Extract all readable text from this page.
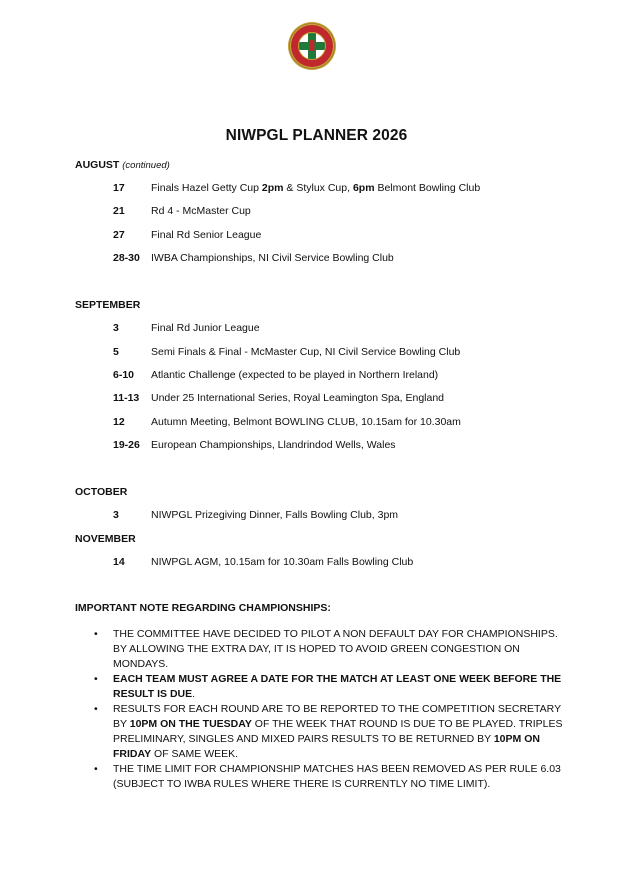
NIWPGL PLANNER 2026
AUGUST (continued)
17	Finals Hazel Getty Cup 2pm & Stylux Cup, 6pm Belmont Bowling Club
21	Rd 4 - McMaster Cup
27	Final Rd Senior League
28-30 IWBA Championships, NI Civil Service Bowling Club
SEPTEMBER
3	Final Rd Junior League
5	Semi Finals & Final - McMaster Cup, NI Civil Service Bowling Club
6-10 Atlantic Challenge (expected to be played in Northern Ireland)
11-13 Under 25 International Series, Royal Leamington Spa, England
12	Autumn Meeting, Belmont BOWLING CLUB, 10.15am for 10.30am
19-26 European Championships, Llandrindod Wells, Wales
OCTOBER
3	NIWPGL Prizegiving Dinner, Falls Bowling Club, 3pm
NOVEMBER
14	NIWPGL AGM, 10.15am for 10.30am Falls Bowling Club
IMPORTANT NOTE REGARDING CHAMPIONSHIPS:
• THE COMMITTEE HAVE DECIDED TO PILOT A NON DEFAULT DAY FOR CHAMPIONSHIPS. BY ALLOWING THE EXTRA DAY, IT IS HOPED TO AVOID GREEN CONGESTION ON MONDAYS.
• EACH TEAM MUST AGREE A DATE FOR THE MATCH AT LEAST ONE WEEK BEFORE THE RESULT IS DUE.
• RESULTS FOR EACH ROUND ARE TO BE REPORTED TO THE COMPETITION SECRETARY BY 10PM ON THE TUESDAY OF THE WEEK THAT ROUND IS DUE TO BE PLAYED. TRIPLES PRELIMINARY, SINGLES AND MIXED PAIRS RESULTS TO BE RETURNED BY 10PM ON FRIDAY OF SAME WEEK.
• THE TIME LIMIT FOR CHAMPIONSHIP MATCHES HAS BEEN REMOVED AS PER RULE 6.03 (SUBJECT TO IWBA RULES WHERE THERE IS CURRENTLY NO TIME LIMIT).
